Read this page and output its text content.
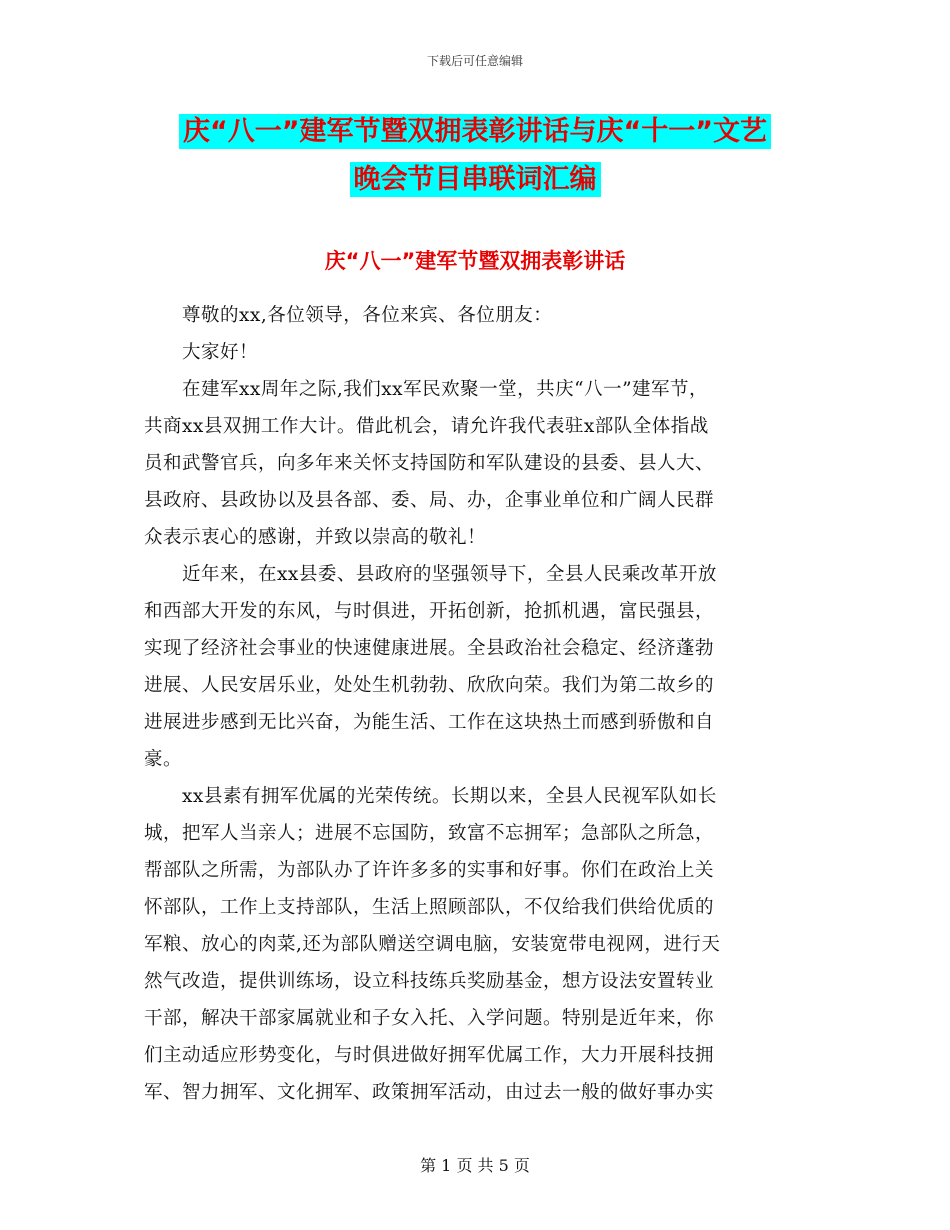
下载后可任意编辑
庆“八一”建军节暨双拥表彰讲话与庆“十一”文艺
晚会节目串联词汇编
庆“八一”建军节暨双拥表彰讲话

　　尊敬的xx,各位领导，各位来宾、各位朋友：

　　大家好！

　　在建军xx周年之际,我们xx军民欢聚一堂，共庆“八一”建军节，

共商xx县双拥工作大计。借此机会，请允许我代表驻x部队全体指战

员和武警官兵，向多年来关怀支持国防和军队建设的县委、县人大、

县政府、县政协以及县各部、委、局、办，企事业单位和广阔人民群

众表示衷心的感谢，并致以崇高的敬礼！

　　近年来，在xx县委、县政府的坚强领导下，全县人民乘改革开放

和西部大开发的东风，与时俱进，开拓创新，抢抓机遇，富民强县，

实现了经济社会事业的快速健康进展。全县政治社会稳定、经济蓬勃

进展、人民安居乐业，处处生机勃勃、欣欣向荣。我们为第二故乡的

进展进步感到无比兴奋，为能生活、工作在这块热土而感到骄傲和自

豪。

　　xx县素有拥军优属的光荣传统。长期以来，全县人民视军队如长

城，把军人当亲人；进展不忘国防，致富不忘拥军；急部队之所急，

帮部队之所需，为部队办了许许多多的实事和好事。你们在政治上关

怀部队，工作上支持部队，生活上照顾部队，不仅给我们供给优质的

军粮、放心的肉菜,还为部队赠送空调电脑，安装宽带电视网，进行天

然气改造，提供训练场，设立科技练兵奖励基金，想方设法安置转业

干部，解决干部家属就业和子女入托、入学问题。特别是近年来，你

们主动适应形势变化，与时俱进做好拥军优属工作，大力开展科技拥

军、智力拥军、文化拥军、政策拥军活动，由过去一般的做好事办实

第 1 页 共 5 页
